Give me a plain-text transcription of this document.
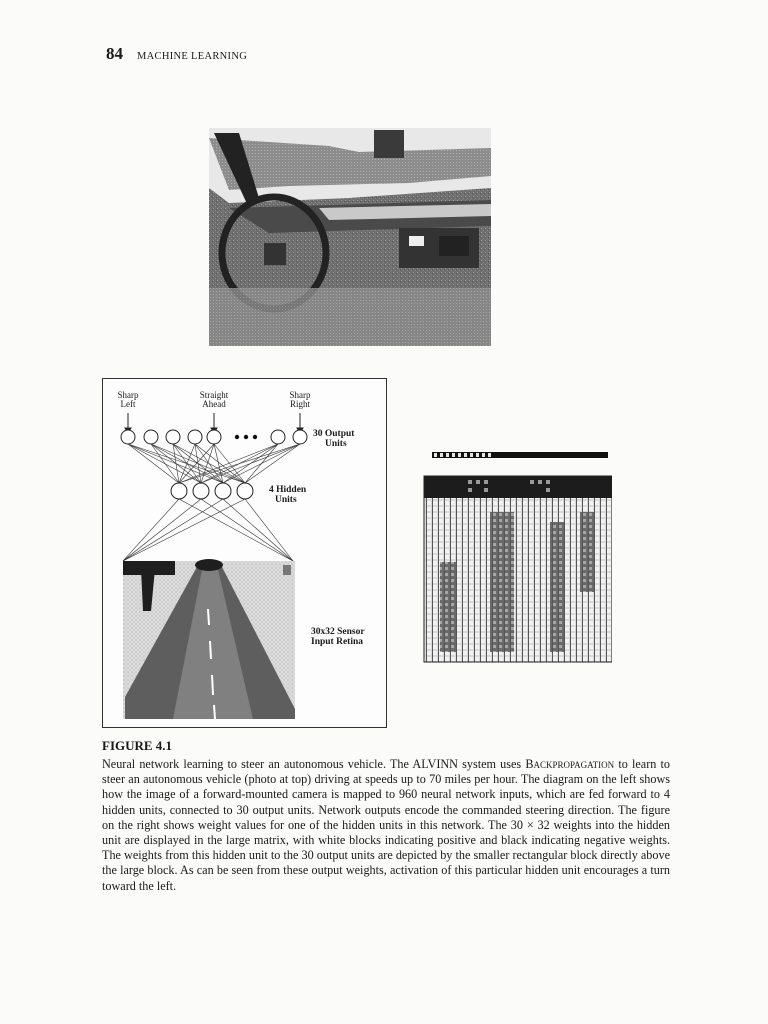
84 MACHINE LEARNING
Sharp
Left
Straight
Ahead
Sharp
Right
30 Output
Units
4 Hidden
Units
30x32 Sensor
Input Retina
FIGURE 4.1

Neural network learning to steer an autonomous vehicle. The ALVINN system uses Backpropagation to learn to steer an autonomous vehicle (photo at top) driving at speeds up to 70 miles per hour. The diagram on the left shows how the image of a forward-mounted camera is mapped to 960 neural network inputs, which are fed forward to 4 hidden units, connected to 30 output units. Network outputs encode the commanded steering direction. The figure on the right shows weight values for one of the hidden units in this network. The 30 × 32 weights into the hidden unit are displayed in the large matrix, with white blocks indicating positive and black indicating negative weights. The weights from this hidden unit to the 30 output units are depicted by the smaller rectangular block directly above the large block. As can be seen from these output weights, activation of this particular hidden unit encourages a turn toward the left.
